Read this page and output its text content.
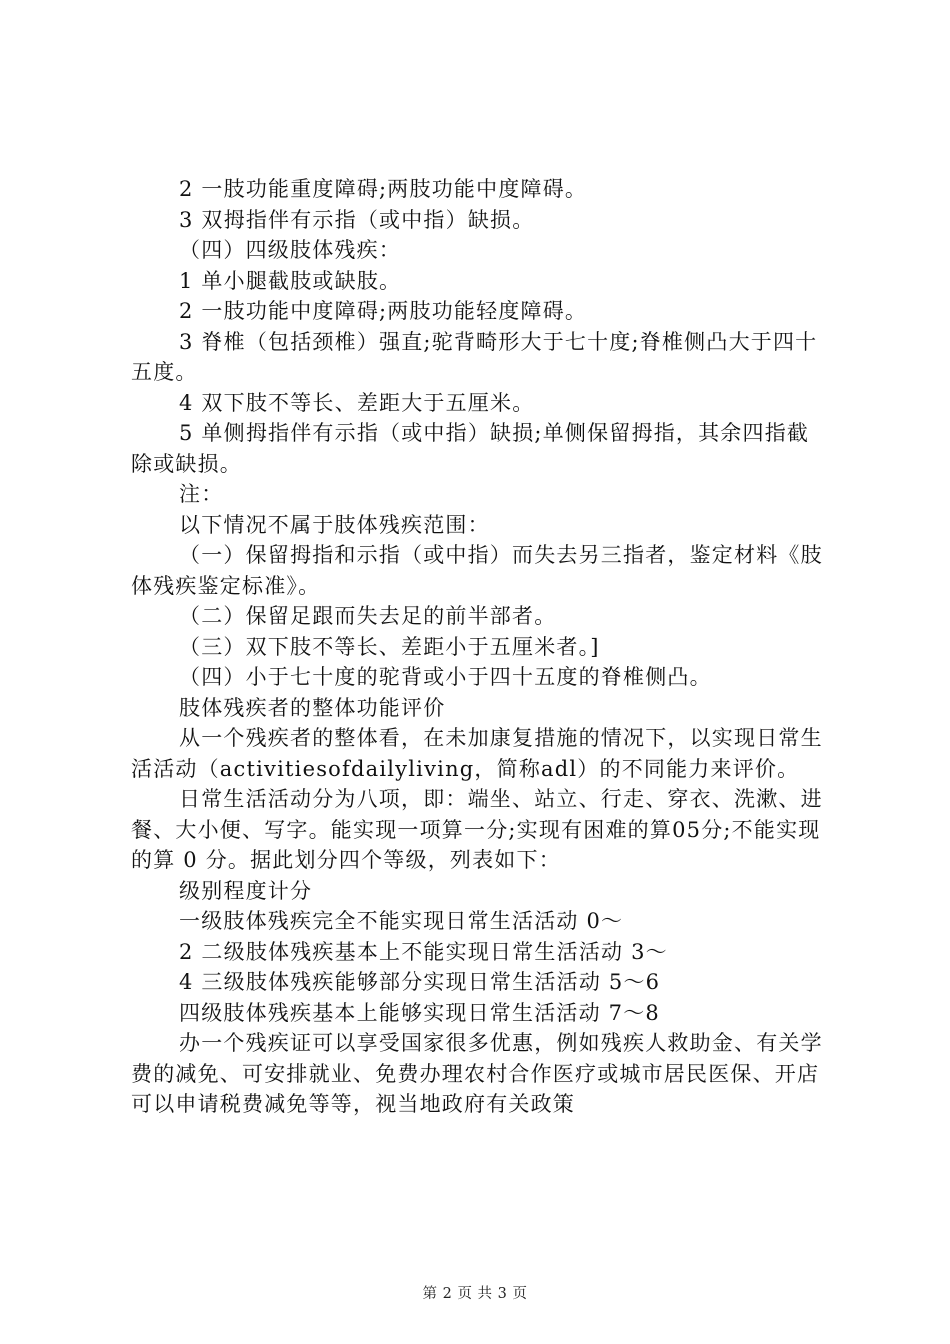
2 一肢功能重度障碍;两肢功能中度障碍。

3 双拇指伴有示指（或中指）缺损。

（四）四级肢体残疾：

1 单小腿截肢或缺肢。

2 一肢功能中度障碍;两肢功能轻度障碍。

3 脊椎（包括颈椎）强直;驼背畸形大于七十度;脊椎侧凸大于四十五度。

4 双下肢不等长、差距大于五厘米。

5 单侧拇指伴有示指（或中指）缺损;单侧保留拇指，其余四指截除或缺损。

注：

以下情况不属于肢体残疾范围：

（一）保留拇指和示指（或中指）而失去另三指者，鉴定材料《肢体残疾鉴定标准》。

（二）保留足跟而失去足的前半部者。

（三）双下肢不等长、差距小于五厘米者。]

（四）小于七十度的驼背或小于四十五度的脊椎侧凸。

肢体残疾者的整体功能评价

从一个残疾者的整体看，在未加康复措施的情况下，以实现日常生活活动（activitiesofdailyliving，简称adl）的不同能力来评价。

日常生活活动分为八项，即：端坐、站立、行走、穿衣、洗漱、进餐、大小便、写字。能实现一项算一分;实现有困难的算05分;不能实现的算 0 分。据此划分四个等级，列表如下：

级别程度计分

一级肢体残疾完全不能实现日常生活活动 0～

2 二级肢体残疾基本上不能实现日常生活活动 3～

4 三级肢体残疾能够部分实现日常生活活动 5～6

四级肢体残疾基本上能够实现日常生活活动 7～8

办一个残疾证可以享受国家很多优惠，例如残疾人救助金、有关学费的减免、可安排就业、免费办理农村合作医疗或城市居民医保、开店可以申请税费减免等等，视当地政府有关政策

第 2 页 共 3 页
